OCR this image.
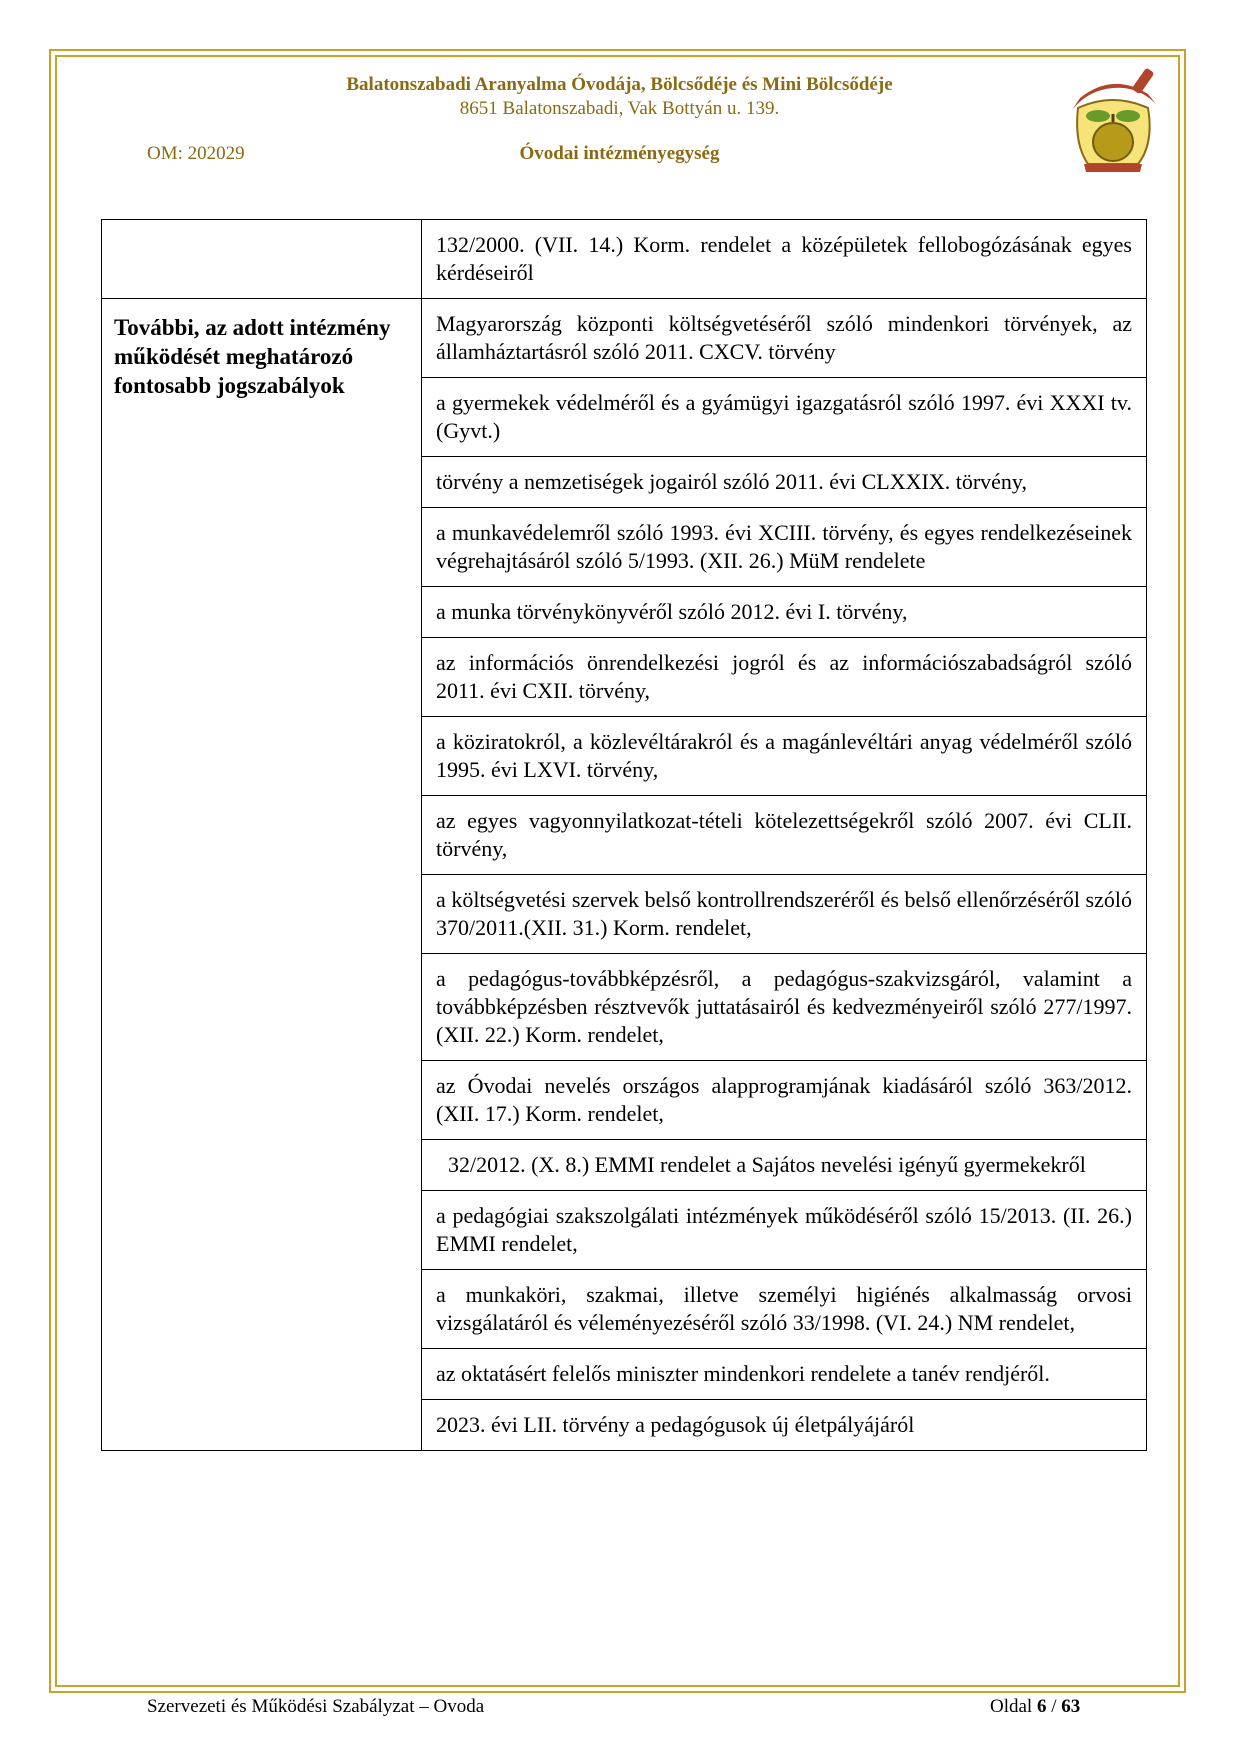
Balatonszabadi Aranyalma Óvodája, Bölcsődéje és Mini Bölcsődéje
8651 Balatonszabadi, Vak Bottyán u. 139.
OM: 202029	Óvodai intézményegység

	132/2000. (VII. 14.) Korm. rendelet a középületek fellobogózásának egyes kérdéseiről

További, az adott intézmény működését meghatározó fontosabb jogszabályok	Magyarország központi költségvetéséről szóló mindenkori törvények, az államháztartásról szóló 2011. CXCV. törvény

	a gyermekek védelméről és a gyámügyi igazgatásról szóló 1997. évi XXXI tv. (Gyvt.)

	törvény a nemzetiségek jogairól szóló 2011. évi CLXXIX. törvény,

	a munkavédelemről szóló 1993. évi XCIII. törvény, és egyes rendelkezéseinek végrehajtásáról szóló 5/1993. (XII. 26.) MüM rendelete

	a munka törvénykönyvéről szóló 2012. évi I. törvény,

	az információs önrendelkezési jogról és az információszabadságról szóló 2011. évi CXII. törvény,

	a köziratokról, a közlevéltárakról és a magánlevéltári anyag védelméről szóló 1995. évi LXVI. törvény,

	az egyes vagyonnyilatkozat-tételi kötelezettségekről szóló 2007. évi CLII. törvény,

	a költségvetési szervek belső kontrollrendszeréről és belső ellenőrzéséről szóló 370/2011.(XII. 31.) Korm. rendelet,

	a pedagógus-továbbképzésről, a pedagógus-szakvizsgáról, valamint a továbbképzésben résztvevők juttatásairól és kedvezményeiről szóló 277/1997. (XII. 22.) Korm. rendelet,

	az Óvodai nevelés országos alapprogramjának kiadásáról szóló 363/2012. (XII. 17.) Korm. rendelet,

	32/2012. (X. 8.) EMMI rendelet a Sajátos nevelési igényű gyermekekről

	a pedagógiai szakszolgálati intézmények működéséről szóló 15/2013. (II. 26.) EMMI rendelet,

	a munkaköri, szakmai, illetve személyi higiénés alkalmasság orvosi vizsgálatáról és véleményezéséről szóló 33/1998. (VI. 24.) NM rendelet,

	az oktatásért felelős miniszter mindenkori rendelete a tanév rendjéről.

	2023. évi LII. törvény a pedagógusok új életpályájáról
Szervezeti és Működési Szabályzat – Ovoda	Oldal 6 / 63
